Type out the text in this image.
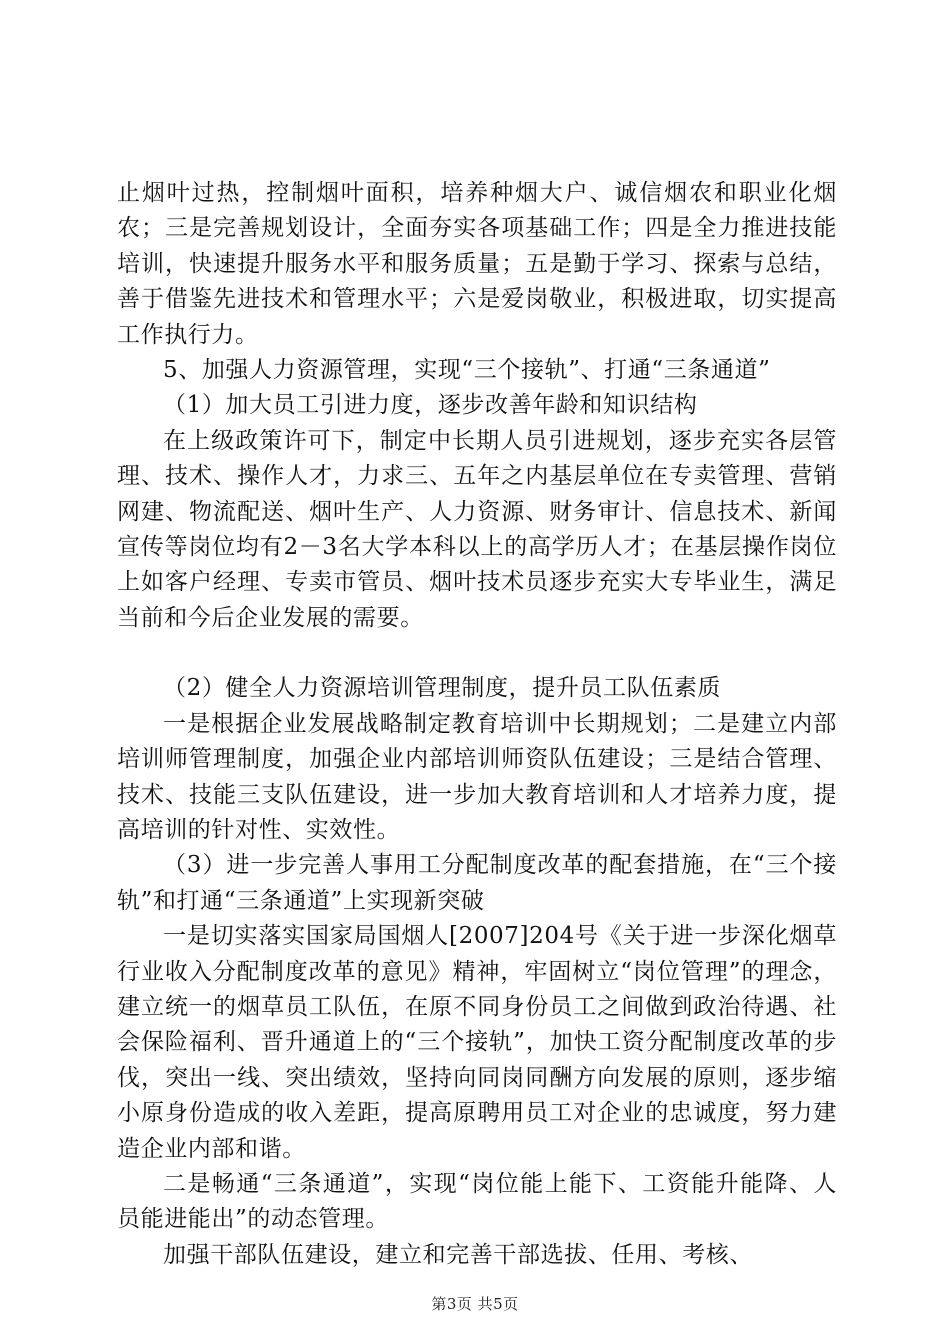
止烟叶过热，控制烟叶面积，培养种烟大户、诚信烟农和职业化烟农；三是完善规划设计，全面夯实各项基础工作；四是全力推进技能培训，快速提升服务水平和服务质量；五是勤于学习、探索与总结，善于借鉴先进技术和管理水平；六是爱岗敬业，积极进取，切实提高工作执行力。

5、加强人力资源管理，实现“三个接轨”、打通“三条通道”

（1）加大员工引进力度，逐步改善年龄和知识结构

在上级政策许可下，制定中长期人员引进规划，逐步充实各层管理、技术、操作人才，力求三、五年之内基层单位在专卖管理、营销网建、物流配送、烟叶生产、人力资源、财务审计、信息技术、新闻宣传等岗位均有2－3名大学本科以上的高学历人才；在基层操作岗位上如客户经理、专卖市管员、烟叶技术员逐步充实大专毕业生，满足当前和今后企业发展的需要。

（2）健全人力资源培训管理制度，提升员工队伍素质

一是根据企业发展战略制定教育培训中长期规划；二是建立内部培训师管理制度，加强企业内部培训师资队伍建设；三是结合管理、技术、技能三支队伍建设，进一步加大教育培训和人才培养力度，提高培训的针对性、实效性。

（3）进一步完善人事用工分配制度改革的配套措施，在“三个接轨”和打通“三条通道”上实现新突破

一是切实落实国家局国烟人[2007]204号《关于进一步深化烟草行业收入分配制度改革的意见》精神，牢固树立“岗位管理”的理念，建立统一的烟草员工队伍，在原不同身份员工之间做到政治待遇、社会保险福利、晋升通道上的“三个接轨”，加快工资分配制度改革的步伐，突出一线、突出绩效，坚持向同岗同酬方向发展的原则，逐步缩小原身份造成的收入差距，提高原聘用员工对企业的忠诚度，努力建造企业内部和谐。

二是畅通“三条通道”，实现“岗位能上能下、工资能升能降、人员能进能出”的动态管理。

加强干部队伍建设，建立和完善干部选拔、任用、考核、

第3页 共5页
